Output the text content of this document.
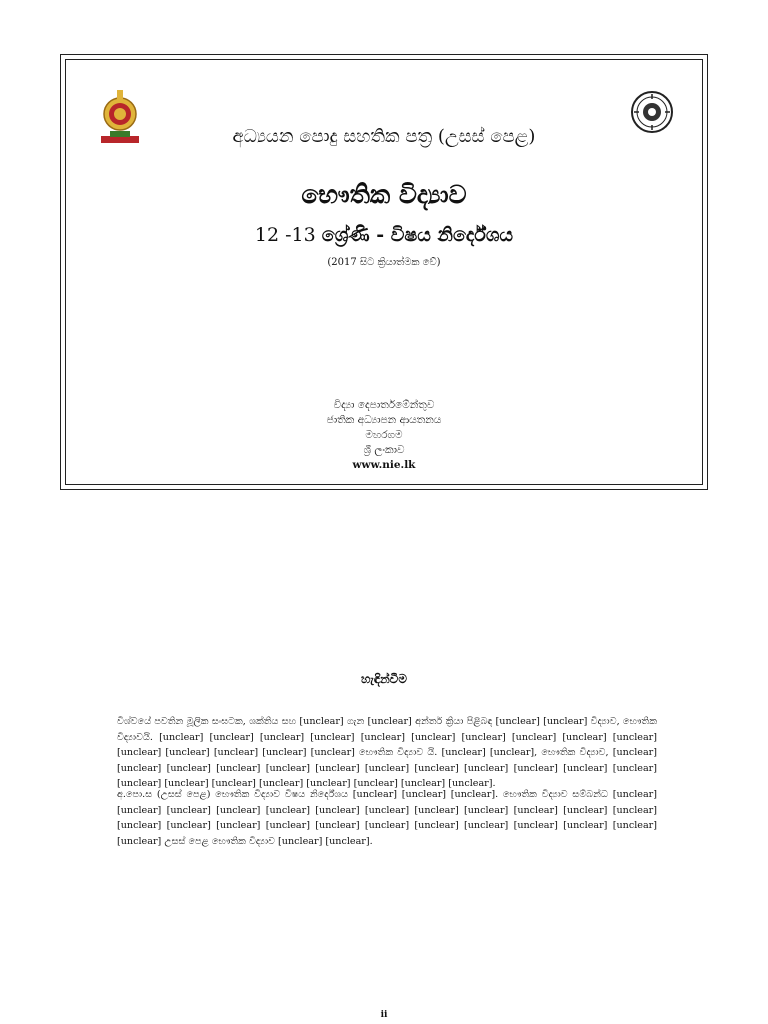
අධ්‍යයන පොදු සහතික පත්‍ර (උසස් පෙළ)
භෞතික විද්‍යාව
12 -13 ශ්‍රේණි - විෂය නිර්දේශය
(2017 සිට ක්‍රියාත්මක වේ)
විද්‍යා දෙපාර්තමේන්තුව
ජාතික අධ්‍යාපන ආයතනය
මහරගම
ශ්‍රී ලංකාව
www.nie.lk
හැඳින්වීම

විශ්වයේ පවතින මූලික සංඝටක, ශක්තිය සහ [unclear] ගැන [unclear] අන්තර් ක්‍රියා පිළිබඳ [unclear] [unclear] විද්‍යාව, භෞතික විද්‍යාවයි. [unclear] [unclear] [unclear] [unclear] [unclear] [unclear] [unclear] [unclear] [unclear] [unclear] [unclear] [unclear] [unclear] [unclear] [unclear] භෞතික විද්‍යාව යි. [unclear] [unclear], භෞතික විද්‍යාව, [unclear] [unclear] [unclear] [unclear] [unclear] [unclear] [unclear] [unclear] [unclear] [unclear] [unclear] [unclear] [unclear] [unclear] [unclear] [unclear] [unclear] [unclear] [unclear] [unclear].

අ.පො.ස (උසස් පෙළ) භෞතික විද්‍යාව විෂය නිර්දේශය [unclear] [unclear] [unclear]. භෞතික විද්‍යාව සම්බන්ධ [unclear] [unclear] [unclear] [unclear] [unclear] [unclear] [unclear] [unclear] [unclear] [unclear] [unclear] [unclear] [unclear] [unclear] [unclear] [unclear] [unclear] [unclear] [unclear] [unclear] [unclear] [unclear] [unclear] [unclear] උසස් පෙළ භෞතික විද්‍යාව [unclear] [unclear].

ii
